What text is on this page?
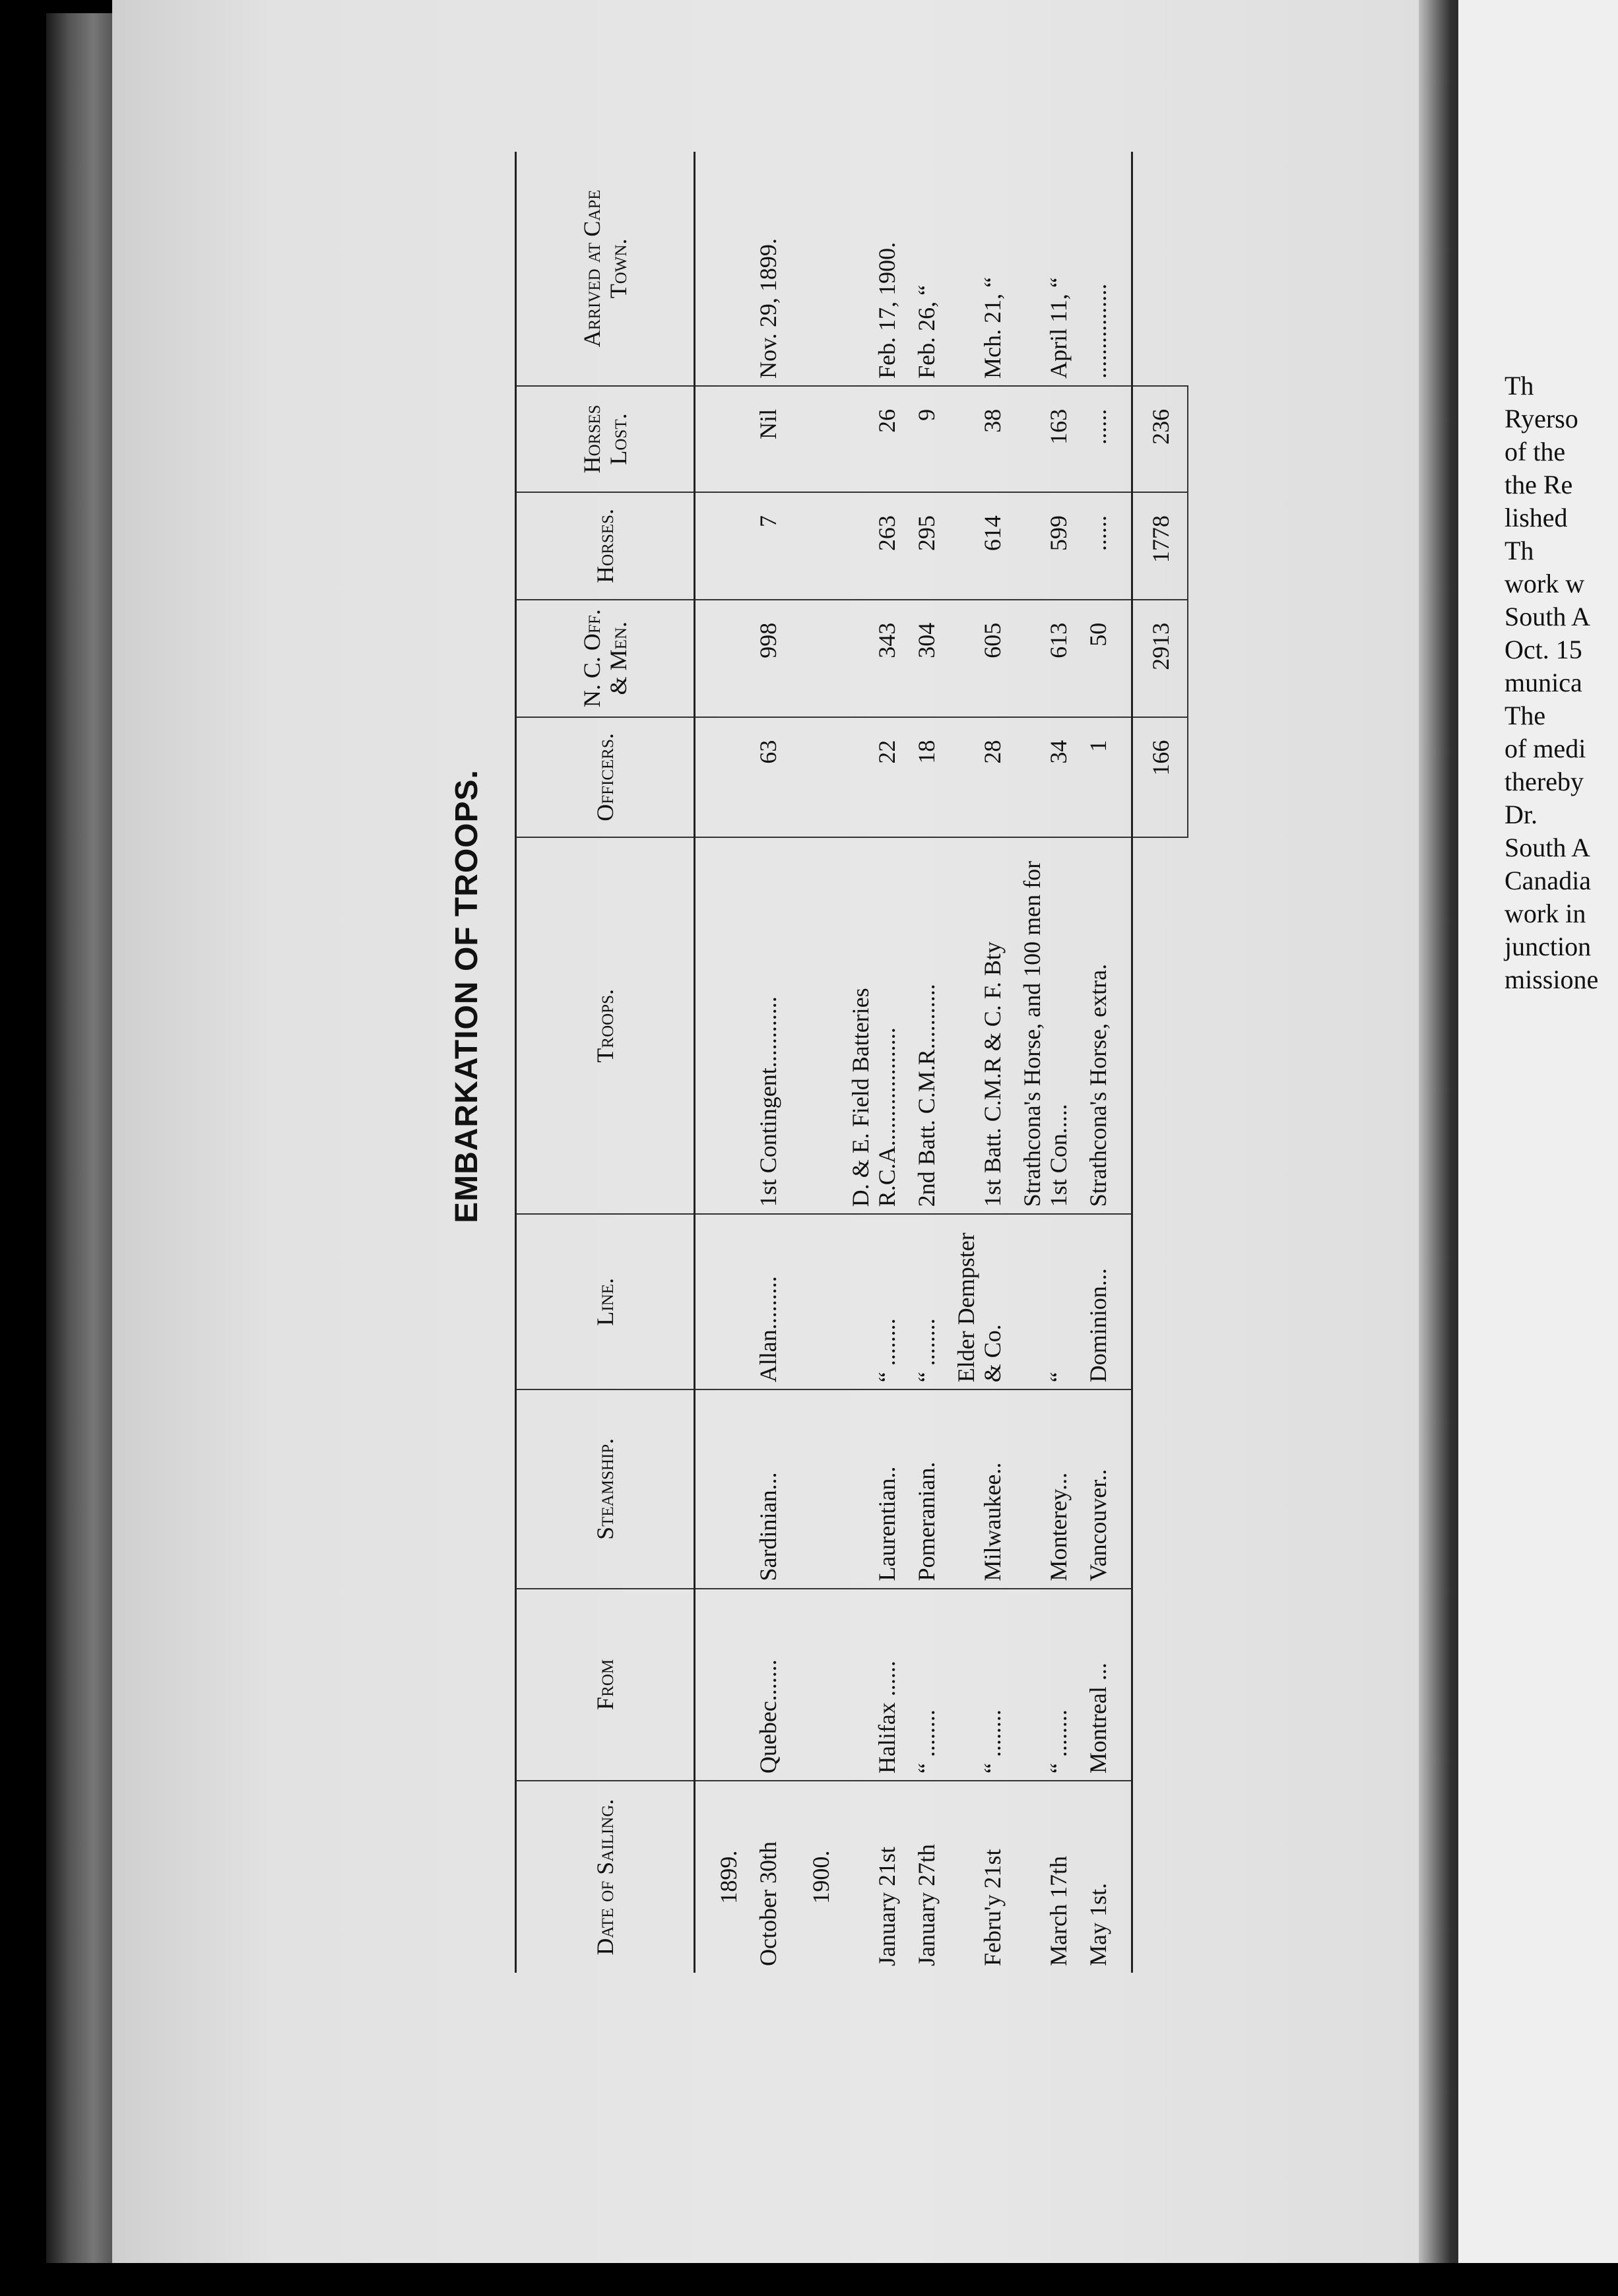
Th
Ryerso
of the
the Re
lished
Th
work w
South A
Oct. 15
munica
The
of medi
thereby
Dr.
South A
Canadia
work in
junction
missione
EMBARKATION OF TROOPS.
Date of Sailing.	From	Steamship.	Line.	Troops.	Officers.	N. C. Off. & Men.	Horses.	Horses Lost.	Arrived at Cape Town.
1899.									
October 30th	Quebec.......	Sardinian...	Allan.........	1st Contingent............	63	998	7	Nil	Nov. 29, 1899.
1900.									
January 21st	Halifax ......	Laurentian..	“ ........	D. & E. Field Batteries R.C.A....................	22	343	263	26	Feb. 17, 1900.
January 27th	“ ........	Pomeranian.	“ ........	2nd Batt. C.M.R...........	18	304	295	9	Feb. 26, “
Febru'y 21st	“ ........	Milwaukee..	Elder Dempster & Co.	1st Batt. C.M.R & C. F. Bty	28	605	614	38	Mch. 21, “
March 17th	“ ........	Monterey...	“	Strathcona's Horse, and 100 men for 1st Con.....	34	613	599	163	April 11, “
May 1st.	Montreal ...	Vancouver..	Dominion...	Strathcona's Horse, extra.	1	50	......	......	................
					166	2913	1778	236	
